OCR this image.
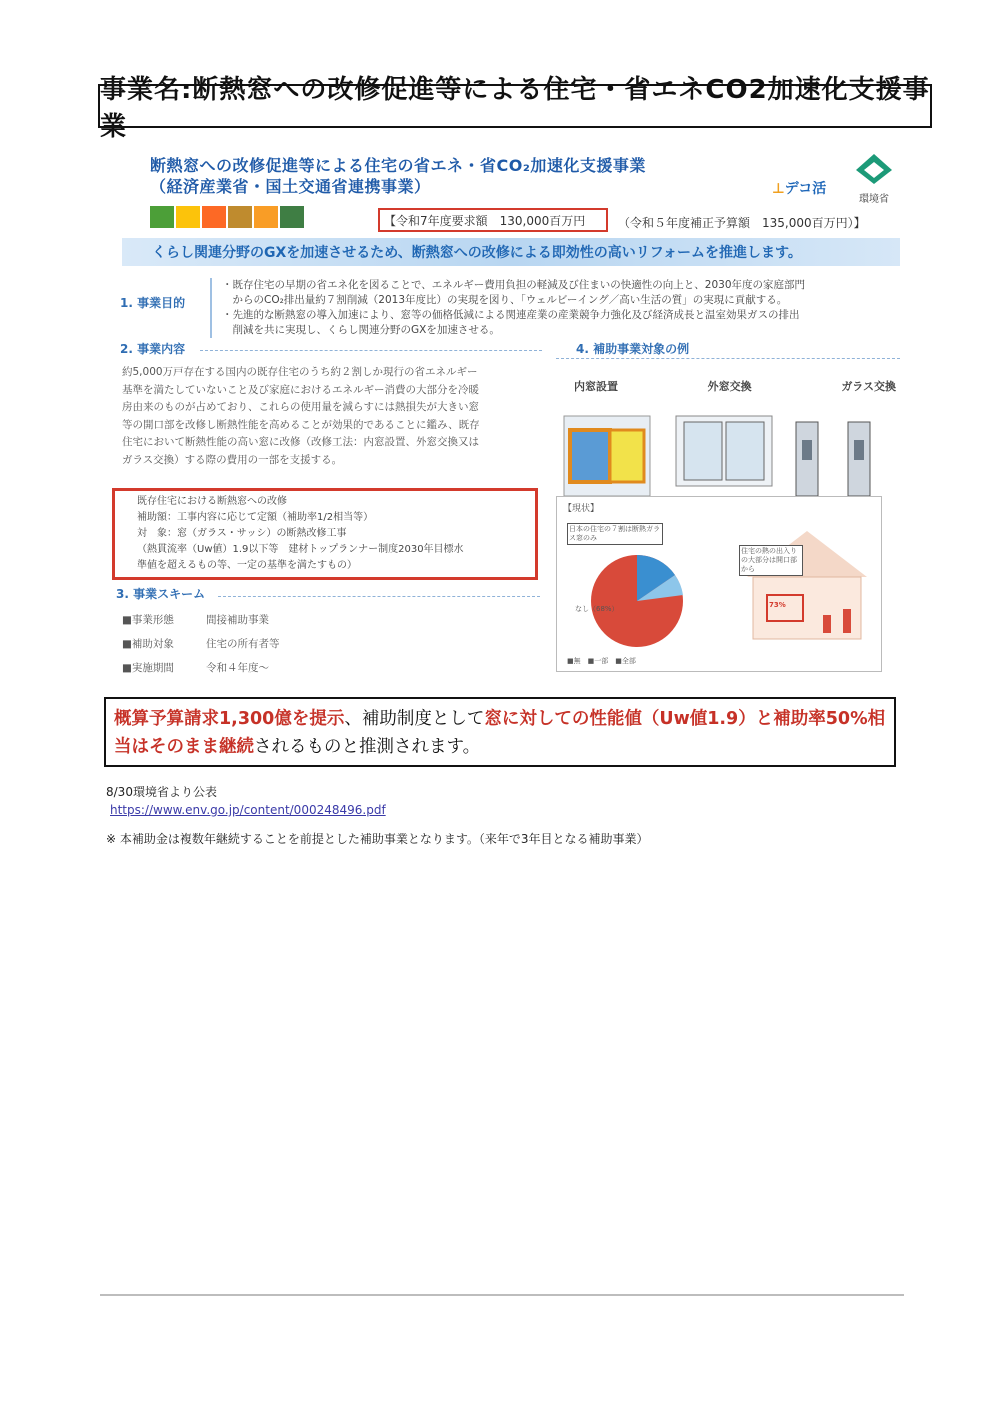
事業名:断熱窓への改修促進等による住宅・省エネCO2加速化支援事業
断熱窓への改修促進等による住宅の省エネ・省CO₂加速化支援事業
（経済産業省・国土交通省連携事業）	⊥デコ活
環境省
【令和7年度要求額　130,000百万円	（令和５年度補正予算額　135,000百万円）】
くらし関連分野のGXを加速させるため、断熱窓への改修による即効性の高いリフォームを推進します。
1. 事業目的
・既存住宅の早期の省エネ化を図ることで、エネルギー費用負担の軽減及び住まいの快適性の向上と、2030年度の家庭部門
　からのCO₂排出量約７割削減（2013年度比）の実現を図り、「ウェルビーイング／高い生活の質」の実現に貢献する。
・先進的な断熱窓の導入加速により、窓等の価格低減による関連産業の産業競争力強化及び経済成長と温室効果ガスの排出
　削減を共に実現し、くらし関連分野のGXを加速させる。
2. 事業内容
約5,000万戸存在する国内の既存住宅のうち約２割しか現行の省エネルギー
基準を満たしていないこと及び家庭におけるエネルギー消費の大部分を冷暖
房由来のものが占めており、これらの使用量を減らすには熱損失が大きい窓
等の開口部を改修し断熱性能を高めることが効果的であることに鑑み、既存
住宅において断熱性能の高い窓に改修（改修工法：内窓設置、外窓交換又は
ガラス交換）する際の費用の一部を支援する。
既存住宅における断熱窓への改修
補助額：工事内容に応じて定額（補助率1/2相当等）
対　象：窓（ガラス・サッシ）の断熱改修工事
（熱貫流率（Uw値）1.9以下等　建材トップランナー制度2030年目標水
準値を超えるもの等、一定の基準を満たすもの）
3. 事業スキーム
■事業形態	間接補助事業
■補助対象	住宅の所有者等
■実施期間	令和４年度～
4. 補助事業対象の例
内窓設置	外窓交換	ガラス交換
【現状】
日本の住宅の７割は断熱ガラス窓のみ
なし（68%）
住宅の熱の出入りの大部分は開口部から
73%
■無　■一部　■全部
概算予算請求1,300億を提示、補助制度として窓に対しての性能値（Uw値1.9）と補助率50%相当はそのまま継続されるものと推測されます。
8/30環境省より公表
https://www.env.go.jp/content/000248496.pdf
※ 本補助金は複数年継続することを前提とした補助事業となります。（来年で3年目となる補助事業）
